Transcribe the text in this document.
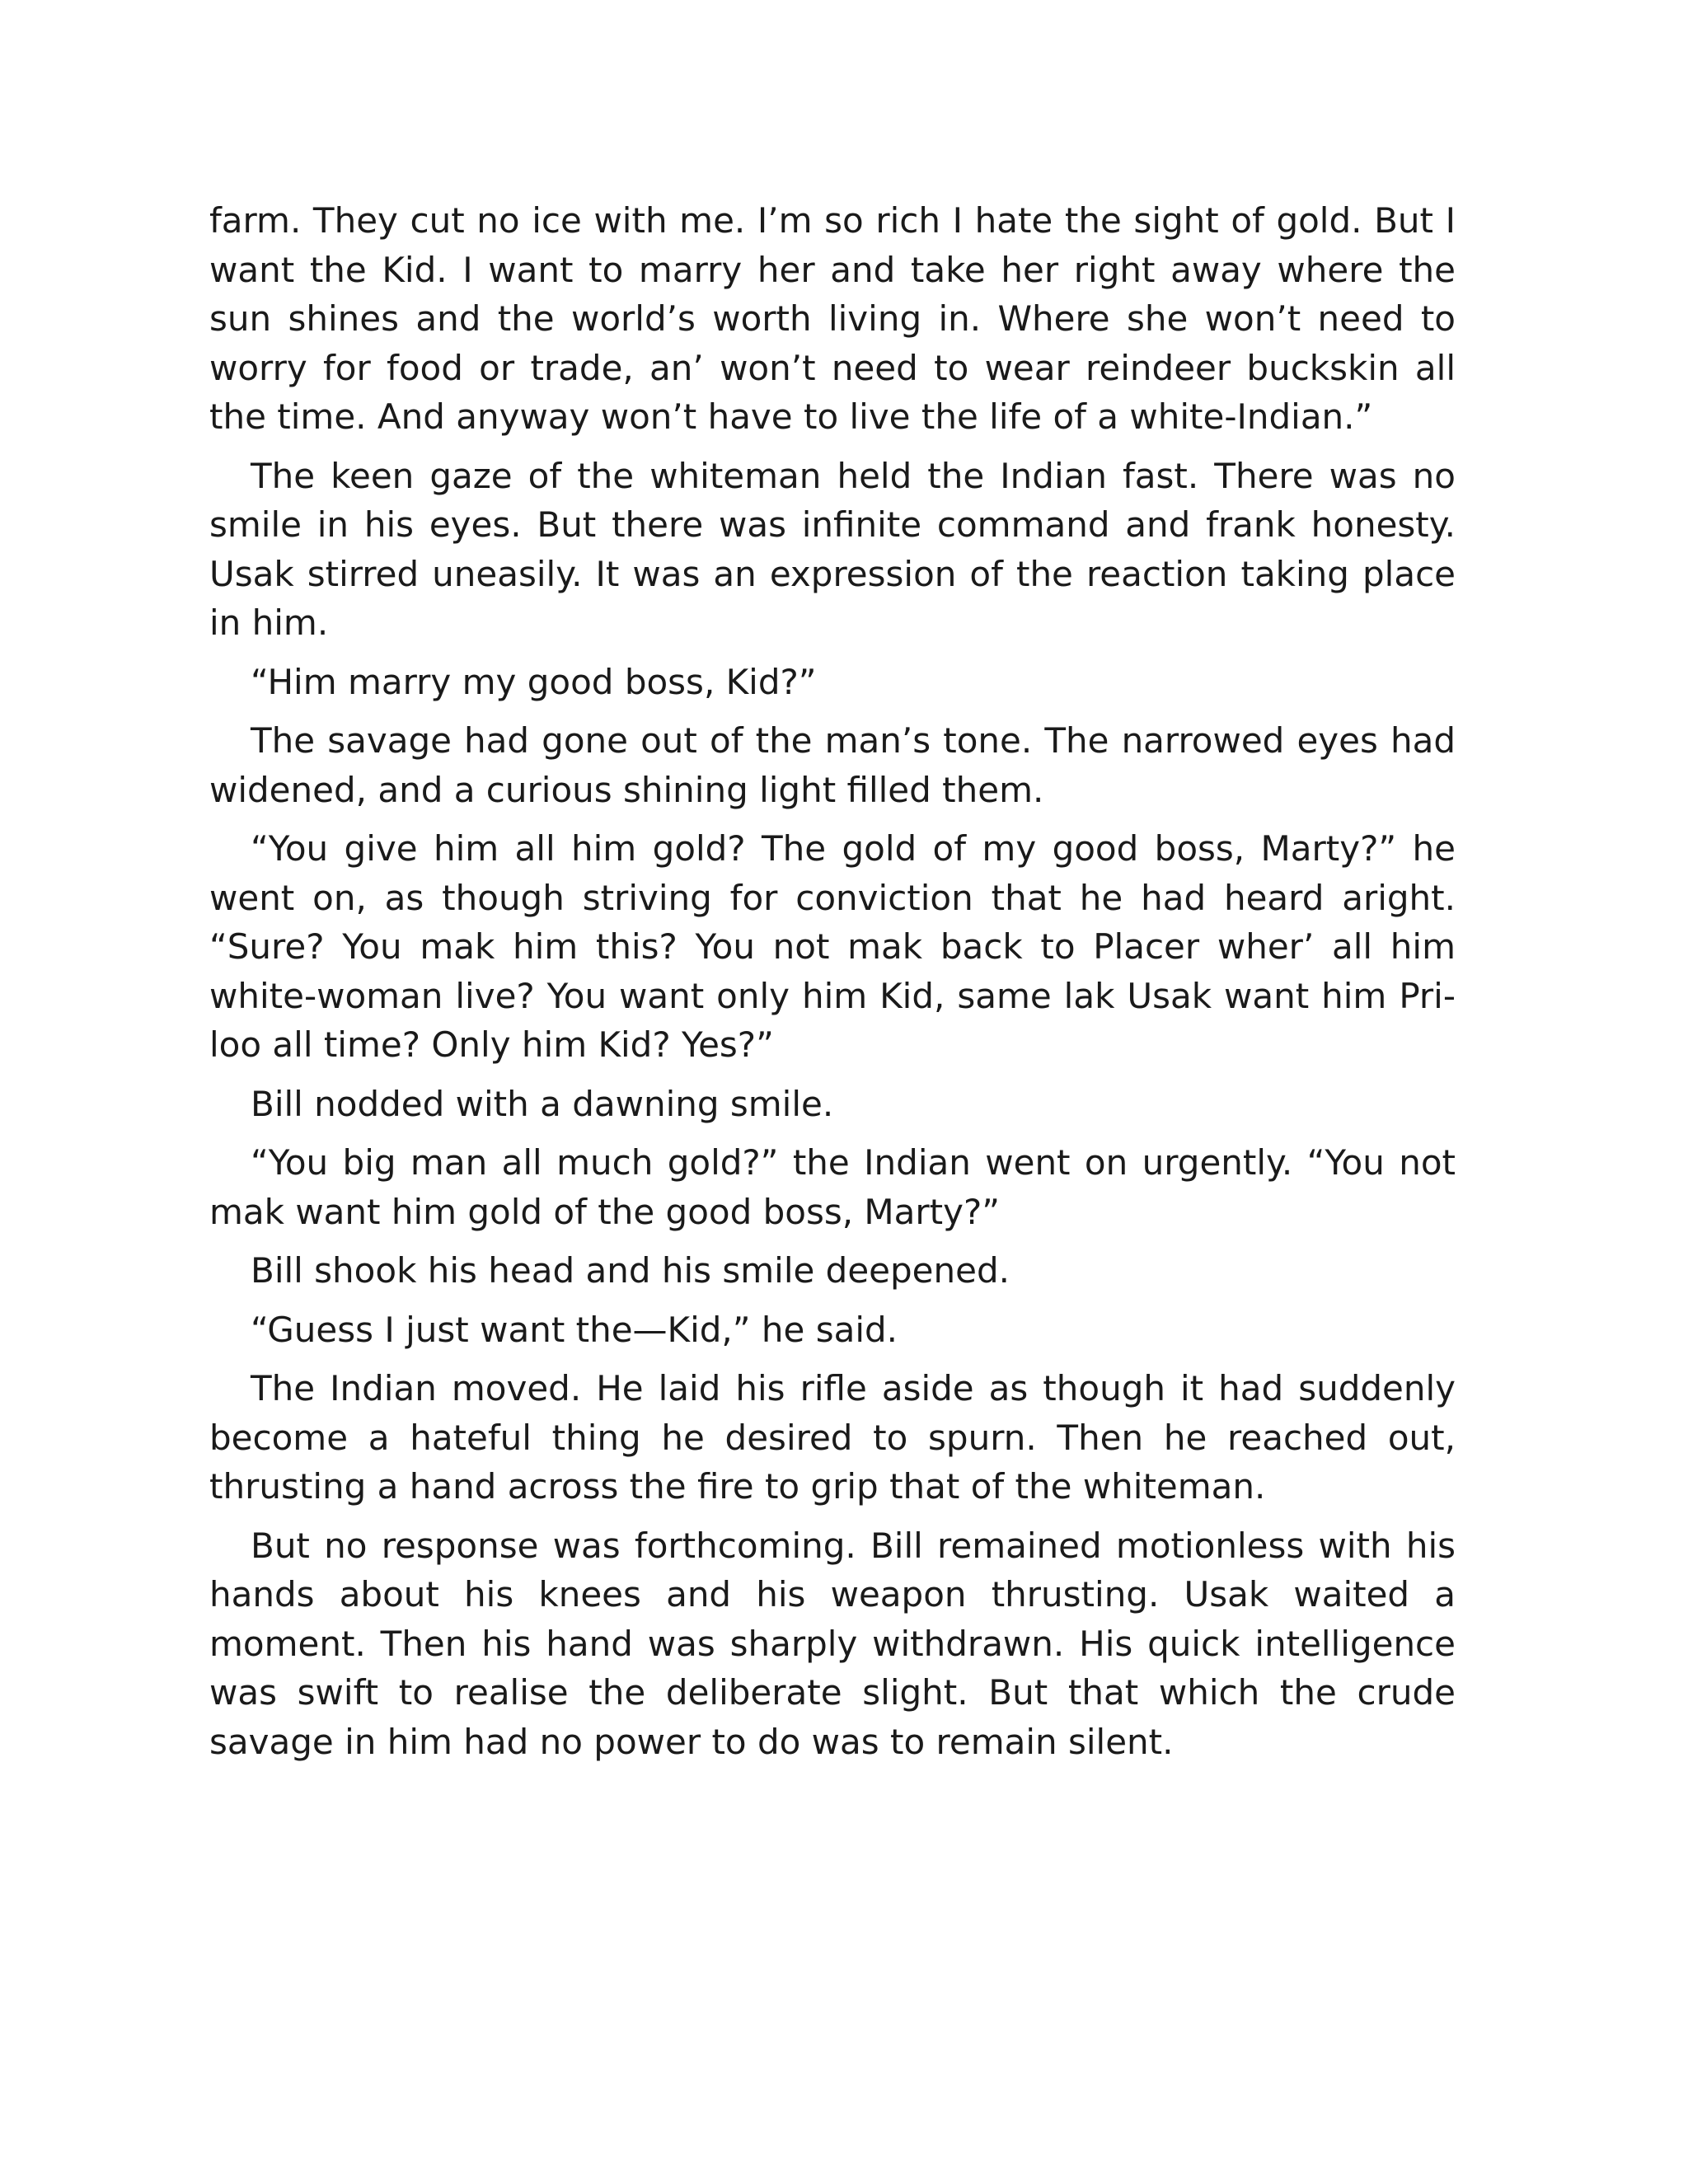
farm. They cut no ice with me. I’m so rich I hate the sight of gold. But I want the Kid. I want to marry her and take her right away where the sun shines and the world’s worth living in. Where she won’t need to worry for food or trade, an’ won’t need to wear reindeer buckskin all the time. And anyway won’t have to live the life of a white-Indian.”

The keen gaze of the whiteman held the Indian fast. There was no smile in his eyes. But there was infinite command and frank honesty. Usak stirred uneasily. It was an expression of the reaction taking place in him.

“Him marry my good boss, Kid?”

The savage had gone out of the man’s tone. The narrowed eyes had widened, and a curious shining light filled them.

“You give him all him gold? The gold of my good boss, Marty?” he went on, as though striving for conviction that he had heard aright. “Sure? You mak him this? You not mak back to Placer wher’ all him white-woman live? You want only him Kid, same lak Usak want him Pri-loo all time? Only him Kid? Yes?”

Bill nodded with a dawning smile.

“You big man all much gold?” the Indian went on urgently. “You not mak want him gold of the good boss, Marty?”

Bill shook his head and his smile deepened.

“Guess I just want the—Kid,” he said.

The Indian moved. He laid his rifle aside as though it had suddenly become a hateful thing he desired to spurn. Then he reached out, thrusting a hand across the fire to grip that of the whiteman.

But no response was forthcoming. Bill remained motionless with his hands about his knees and his weapon thrusting. Usak waited a moment. Then his hand was sharply withdrawn. His quick intelligence was swift to realise the deliberate slight. But that which the crude savage in him had no power to do was to remain silent.
